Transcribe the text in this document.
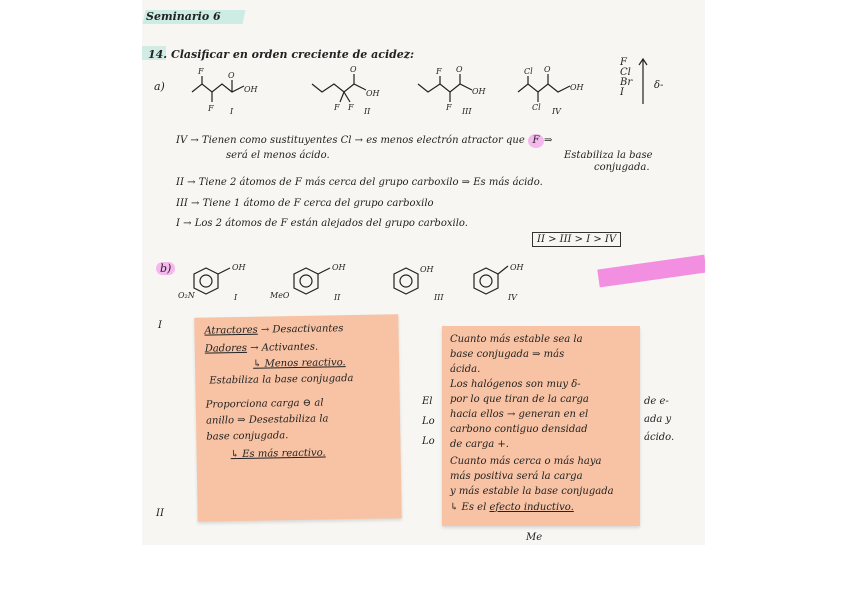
Seminario 6
14. Clasificar en orden creciente de acidez:
a)
F
F
O
OH
I
O
OH
F F II
F O
OH
F III
Cl O
OH
Cl IV
F
Cl
Br
I
δ-
IV → Tienen como sustituyentes Cl → es menos electrón atractor que F ⇒
será el menos ácido.	Estabiliza la base
conjugada.
II → Tiene 2 átomos de F más cerca del grupo carboxilo ⇒ Es más ácido.
III → Tiene 1 átomo de F cerca del grupo carboxilo
I → Los 2 átomos de F están alejados del grupo carboxilo.
II > III > I > IV
b)	OH
O₂N	I
OH
MeO	II
OH
III
OH
IV
I
II
de e-
ada y
ácido.
El
Lo
Lo
Me
Atractores → Desactivantes
Dadores → Activantes.
↳ Menos reactivo.
Estabiliza la base conjugada
Proporciona carga ⊖ al
anillo ⇒ Desestabiliza la
base conjugada.
↳ Es más reactivo.
Cuanto más estable sea la
base conjugada ⇒ más
ácida.
Los halógenos son muy δ-
por lo que tiran de la carga
hacia ellos → generan en el
carbono contiguo densidad
de carga +.
Cuanto más cerca o más haya
más positiva será la carga
y más estable la base conjugada
↳ Es el efecto inductivo.
